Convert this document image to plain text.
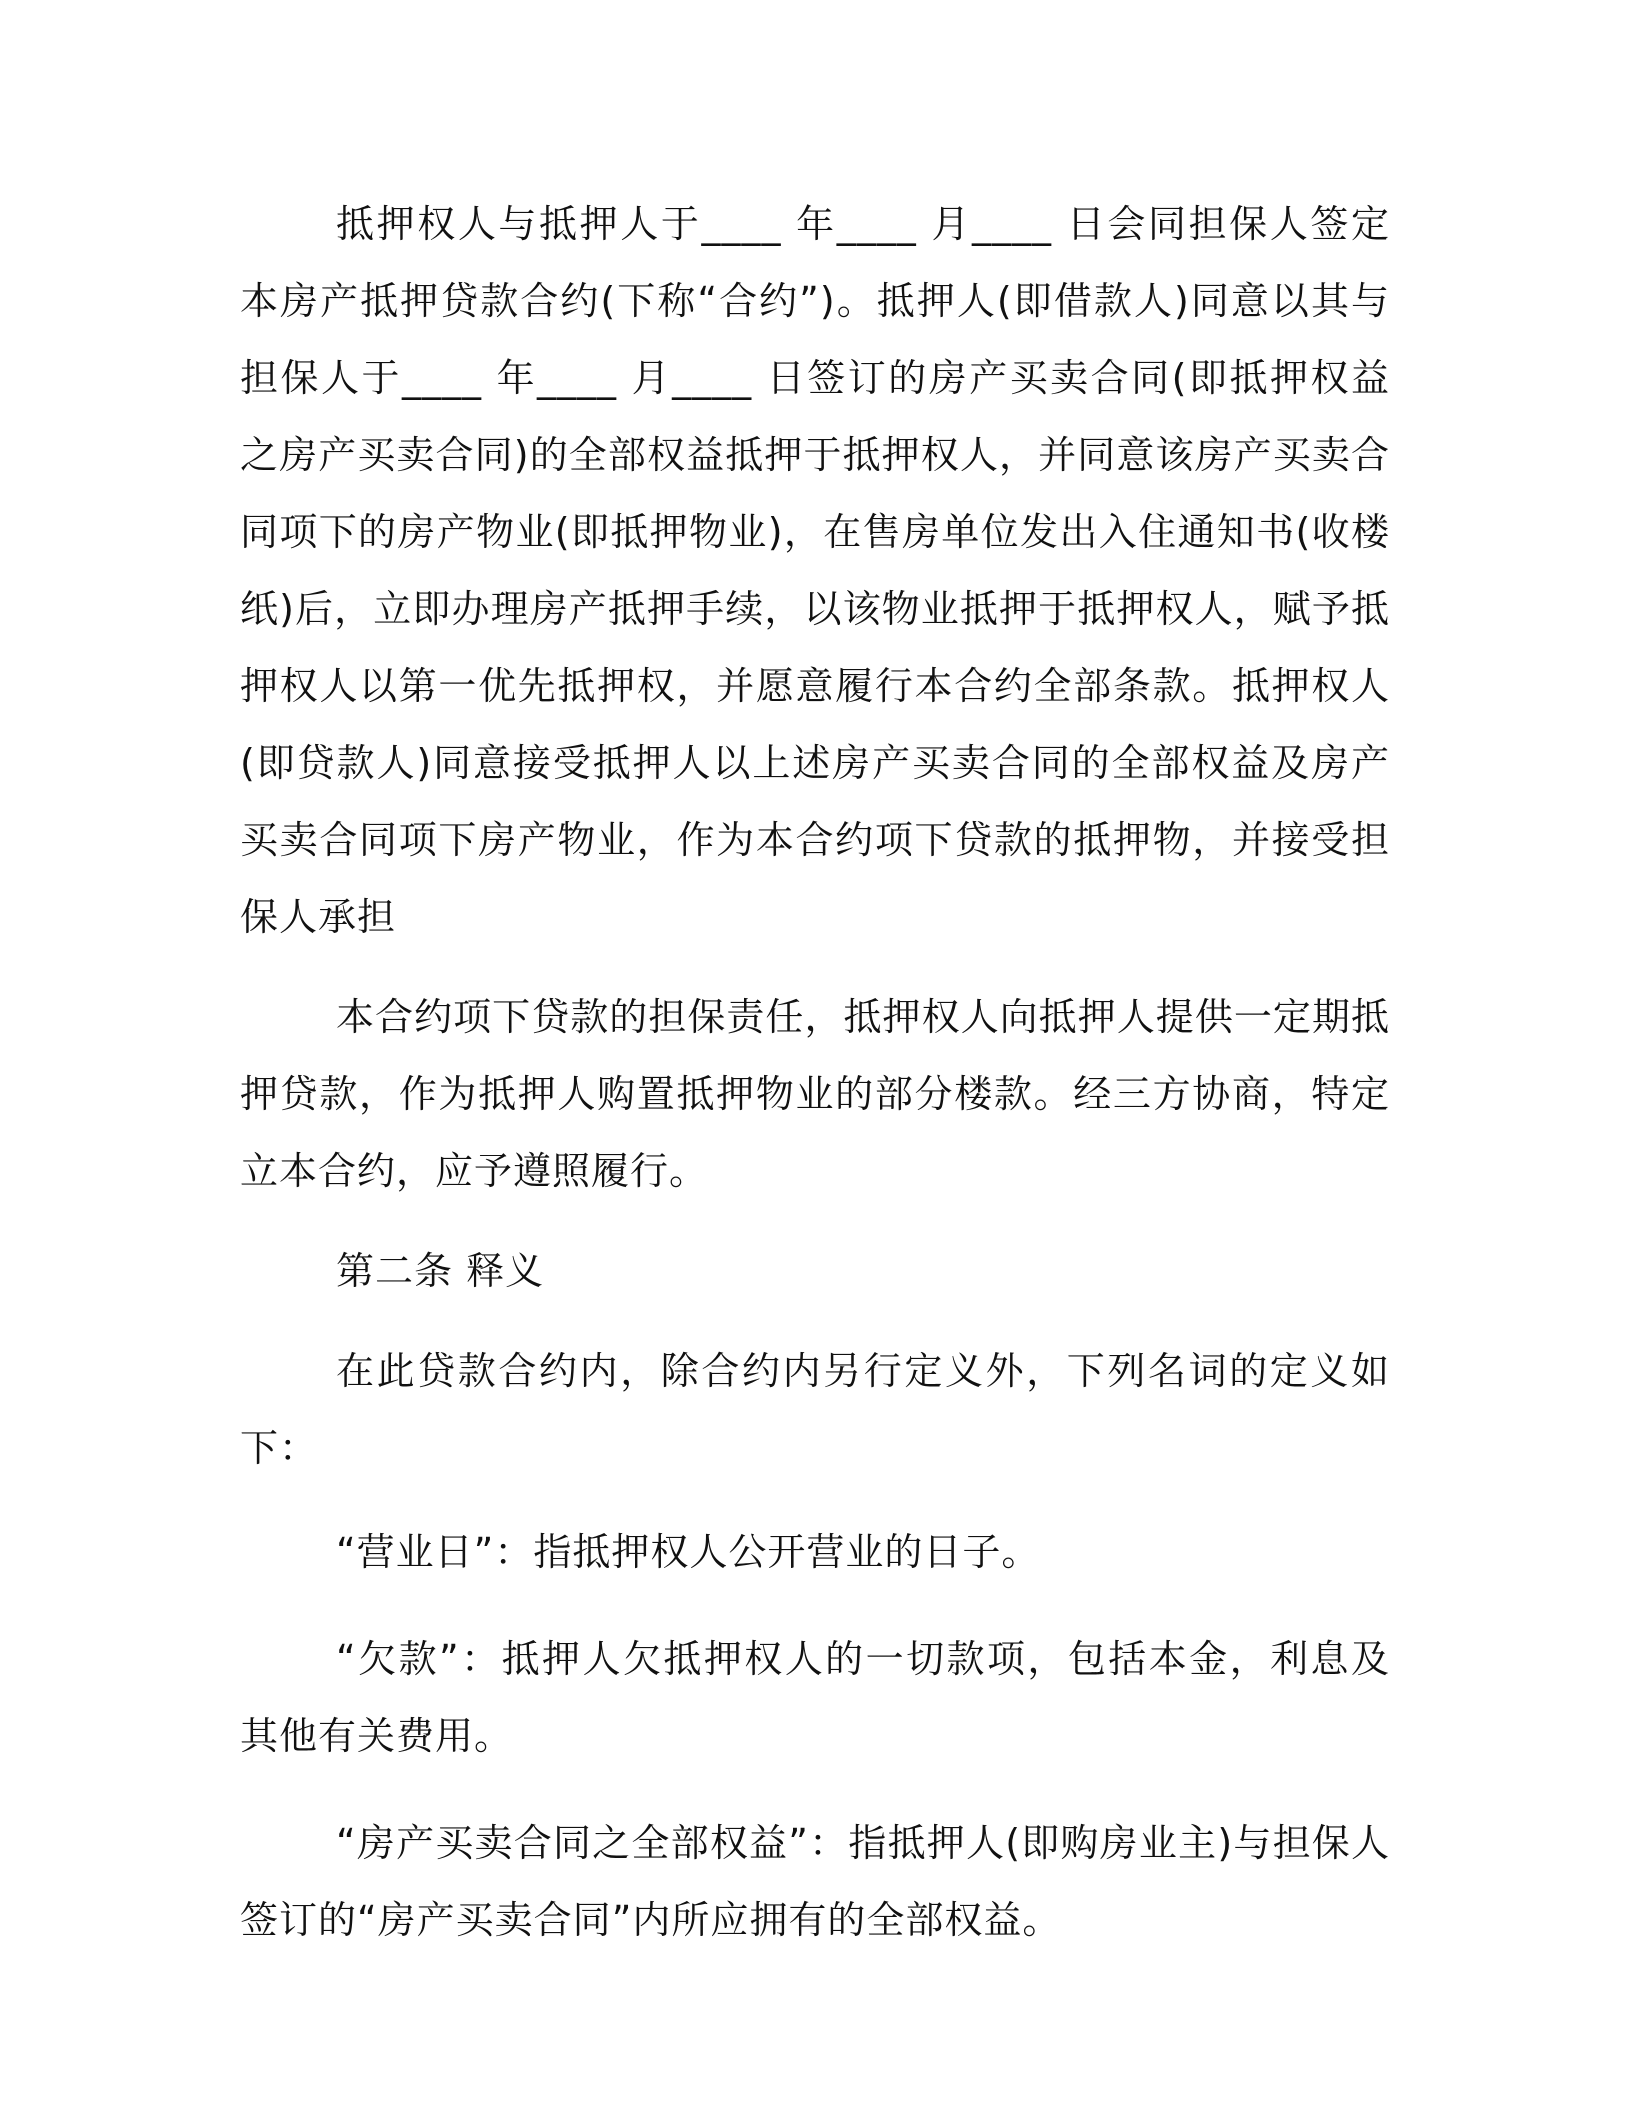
抵押权人与抵押人于____ 年____ 月____ 日会同担保人签定本房产抵押贷款合约(下称“合约”)。抵押人(即借款人)同意以其与担保人于____ 年____ 月____ 日签订的房产买卖合同(即抵押权益之房产买卖合同)的全部权益抵押于抵押权人，并同意该房产买卖合同项下的房产物业(即抵押物业)，在售房单位发出入住通知书(收楼纸)后，立即办理房产抵押手续，以该物业抵押于抵押权人，赋予抵押权人以第一优先抵押权，并愿意履行本合约全部条款。抵押权人(即贷款人)同意接受抵押人以上述房产买卖合同的全部权益及房产买卖合同项下房产物业，作为本合约项下贷款的抵押物，并接受担保人承担

本合约项下贷款的担保责任，抵押权人向抵押人提供一定期抵押贷款，作为抵押人购置抵押物业的部分楼款。经三方协商，特定立本合约，应予遵照履行。

第二条 释义

在此贷款合约内，除合约内另行定义外，下列名词的定义如下：

“营业日”：指抵押权人公开营业的日子。

“欠款”：抵押人欠抵押权人的一切款项，包括本金，利息及其他有关费用。

“房产买卖合同之全部权益”：指抵押人(即购房业主)与担保人签订的“房产买卖合同”内所应拥有的全部权益。
